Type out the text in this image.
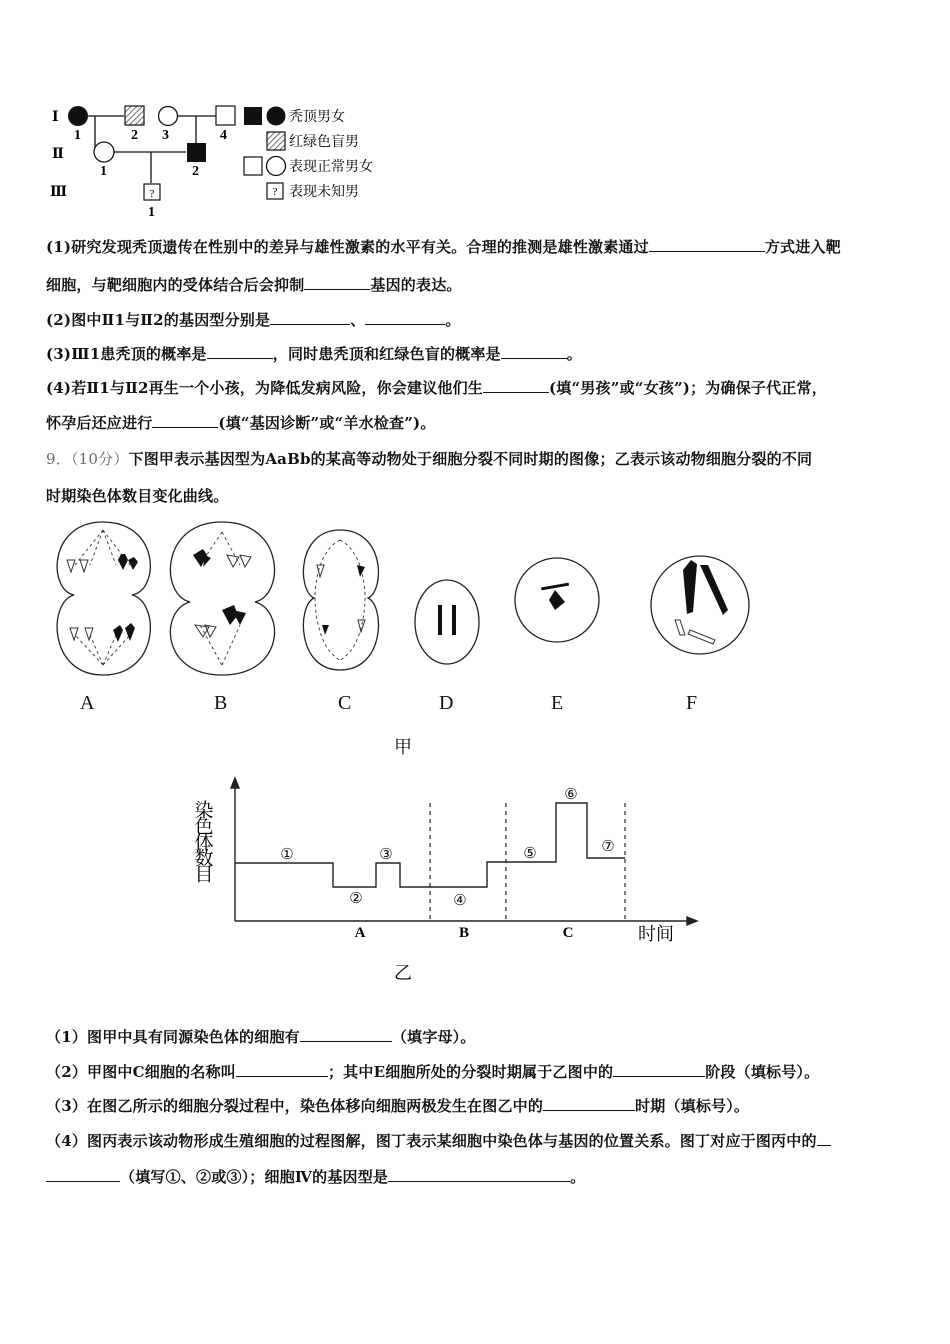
?
Ⅰ
Ⅱ
Ⅲ
1	2 3	4
1	2
1
?
秃顶男女
红绿色盲男
表现正常男女
表现未知男
(1)研究发现秃顶遗传在性别中的差异与雄性激素的水平有关。合理的推测是雄性激素通过	方式进入靶
细胞，与靶细胞内的受体结合后会抑制	基因的表达。
(2)图中Ⅱ1与Ⅱ2的基因型分别是	、	。
(3)Ⅲ1患秃顶的概率是	，同时患秃顶和红绿色盲的概率是	。
(4)若Ⅱ1与Ⅱ2再生一个小孩，为降低发病风险，你会建议他们生	(填“男孩”或“女孩”)；为确保子代正常，
怀孕后还应进行	(填“基因诊断”或“羊水检查”)。
9．（10分）下图甲表示基因型为AaBb的某高等动物处于细胞分裂不同时期的图像；乙表示该动物细胞分裂的不同
时期染色体数目变化曲线。
A	B	C	D	E	F
甲
①
②
③
④
⑤
⑥
⑦
A	B	C	时间
染色体数目
乙
（1）图甲中具有同源染色体的细胞有	（填字母）。
（2）甲图中C细胞的名称叫	；其中E细胞所处的分裂时期属于乙图中的	阶段（填标号）。
（3）在图乙所示的细胞分裂过程中，染色体移向细胞两极发生在图乙中的	时期（填标号）。
（4）图丙表示该动物形成生殖细胞的过程图解，图丁表示某细胞中染色体与基因的位置关系。图丁对应于图丙中的
（填写①、②或③）；细胞Ⅳ的基因型是	。
